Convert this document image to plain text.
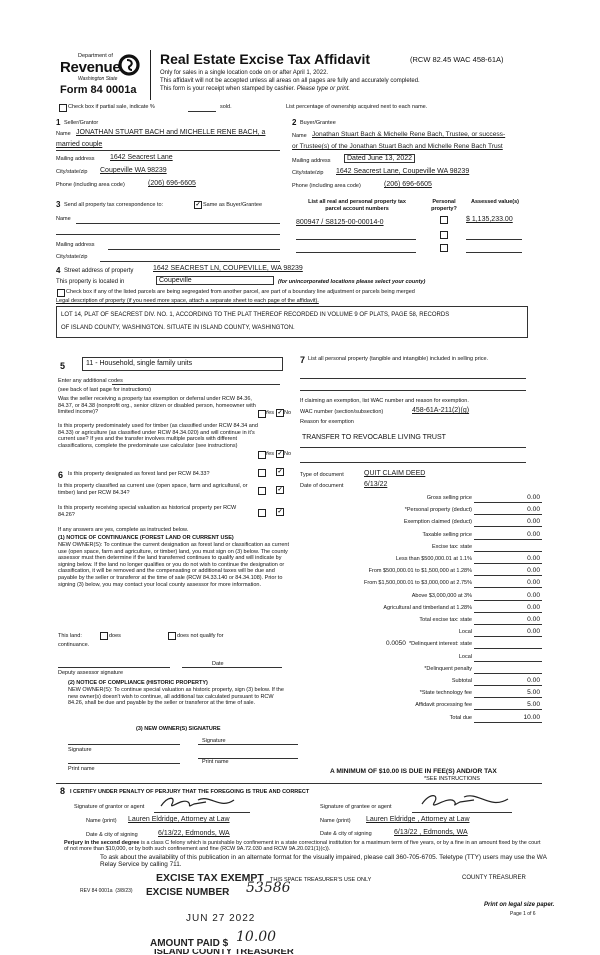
Department of
Revenue
Washington State
Form 84 0001a
Real Estate Excise Tax Affidavit	(RCW 82.45 WAC 458-61A)
Only for sales in a single location code on or after April 1, 2022.
This affidavit will not be accepted unless all areas on all pages are fully and accurately completed.
This form is your receipt when stamped by cashier. Please type or print.
Check box if partial sale, indicate %	sold.	List percentage of ownership acquired next to each name.
1 Seller/Grantor
Name JONATHAN STUART BACH and MICHELLE RENE BACH, a
married couple
Mailing address 1642 Seacrest Lane
City/state/zip Coupeville WA 98239
Phone (including area code)	(206) 696-6605
2 Buyer/Grantee
Name Jonathan Stuart Bach & Michelle Rene Bach, Trustee, or success-
or Trustee(s) of the Jonathan Stuart Bach and Michelle Rene Bach Trust
Mailing address	Dated June 13, 2022
City/state/zip 1642 Seacrest Lane, Coupeville WA 98239
Phone (including area code)	(206) 696-6605
3 Send all property tax correspondence to:	✓ Same as Buyer/Grantee
Name
Mailing address
City/state/zip
List all real and personal property tax parcel account numbers
Personal property?
Assessed value(s)
800947 / S8125-00-00014-0	$ 1,135,233.00
4 Street address of property	1642 SEACREST LN, COUPEVILLE, WA 98239
This property is located in	Coupeville	(for unincorporated locations please select your county)
Check box if any of the listed parcels are being segregated from another parcel, are part of a boundary line adjustment or parcels being merged
Legal description of property (if you need more space, attach a separate sheet to each page of the affidavit).
LOT 14, PLAT OF SEACREST DIV. NO. 1, ACCORDING TO THE PLAT THEREOF RECORDED IN VOLUME 9 OF PLATS, PAGE 58, RECORDS
OF ISLAND COUNTY, WASHINGTON. SITUATE IN ISLAND COUNTY, WASHINGTON.
5	11 - Household, single family units
Enter any additional codes
(see back of last page for instructions)
Was the seller receiving a property tax exemption or deferral under RCW 84.36, 84.37, or 84.38 (nonprofit org., senior citizen or disabled person, homeowner with limited income)?	Yes ✓ No
Is this property predominately used for timber (as classified under RCW 84.34 and 84.33) or agriculture (as classified under RCW 84.34.020) and will continue in it's current use? If yes and the transfer involves multiple parcels with different classifications, complete the predominate use calculator (see instructions)
Yes ✓ No
6 Is this property designated as forest land per RCW 84.33?	✓
Is this property classified as current use (open space, farm and agricultural, or timber) land per RCW 84.34?	✓
Is this property receiving special valuation as historical property per RCW 84.26?	✓
If any answers are yes, complete as instructed below.
(1) NOTICE OF CONTINUANCE (FOREST LAND OR CURRENT USE)
NEW OWNER(S): To continue the current designation as forest land or classification as current use (open space, farm and agriculture, or timber) land, you must sign on (3) below. The county assessor must then determine if the land transferred continues to qualify and will indicate by signing below. If the land no longer qualifies or you do not wish to continue the designation or classification, it will be removed and the compensating or additional taxes will be due and payable by the seller or transferor at the time of sale (RCW 84.33.140 or 84.34.108). Prior to signing (3) below, you may contact your local county assessor for more information.
This land:	does	does not qualify for
continuance.
Date
Deputy assessor signature
(2) NOTICE OF COMPLIANCE (HISTORIC PROPERTY)
NEW OWNER(S): To continue special valuation as historic property, sign (3) below. If the new owner(s) doesn't wish to continue, all additional tax calculated pursuant to RCW 84.26, shall be due and payable by the seller or transferor at the time of sale.
(3) NEW OWNER(S) SIGNATURE
Signature
Signature
Print name
Print name
7 List all personal property (tangible and intangible) included in selling price.
If claiming an exemption, list WAC number and reason for exemption.
WAC number (section/subsection)	458-61A-211(2)(g)
Reason for exemption
TRANSFER TO REVOCABLE LIVING TRUST
Type of document	QUIT CLAIM DEED
Date of document	6/13/22
Gross selling price	0.00
*Personal property (deduct)	0.00
Exemption claimed (deduct)	0.00
Taxable selling price	0.00
Excise tax: state
Less than $500,000.01 at 1.1%	0.00
From $500,000.01 to $1,500,000 at 1.28%	0.00
From $1,500,000.01 to $3,000,000 at 2.75%	0.00
Above $3,000,000 at 3%	0.00
Agricultural and timberland at 1.28%	0.00
Total excise tax: state	0.00
Local	0.00
*Delinquent interest: state
Local
*Delinquent penalty
Subtotal	0.00
*State technology fee	5.00
Affidavit processing fee	5.00
Total due	10.00
0.0050
A MINIMUM OF $10.00 IS DUE IN FEE(S) AND/OR TAX
*SEE INSTRUCTIONS
8 I CERTIFY UNDER PENALTY OF PERJURY THAT THE FOREGOING IS TRUE AND CORRECT
Signature of grantor or agent
Name (print) Lauren Eldridge, Attorney at Law
Date & city of signing	6/13/22, Edmonds, WA
Signature of grantee or agent
Name (print) Lauren Eldridge , Attorney at Law
Date & city of signing	6/13/22 , Edmonds, WA
Perjury in the second degree is a class C felony which is punishable by confinement in a state correctional institution for a maximum term of five years, or by a fine in an amount fixed by the court of not more than $10,000, or by both such confinement and fine (RCW 9A.72.030 and RCW 9A.20.021(1)(c)).
To ask about the availability of this publication in an alternate format for the visually impaired, please call 360-705-6705. Teletype (TTY) users may use the WA Relay Service by calling 711.
REV 84 0001a (3/8/23)
THIS SPACE TREASURER'S USE ONLY	COUNTY TREASURER
Print on legal size paper.
Page 1 of 6
EXCISE TAX EXEMPT
EXCISE NUMBER 53586
JUN 27 2022
AMOUNT PAID $ 10.00
ISLAND COUNTY TREASURER
